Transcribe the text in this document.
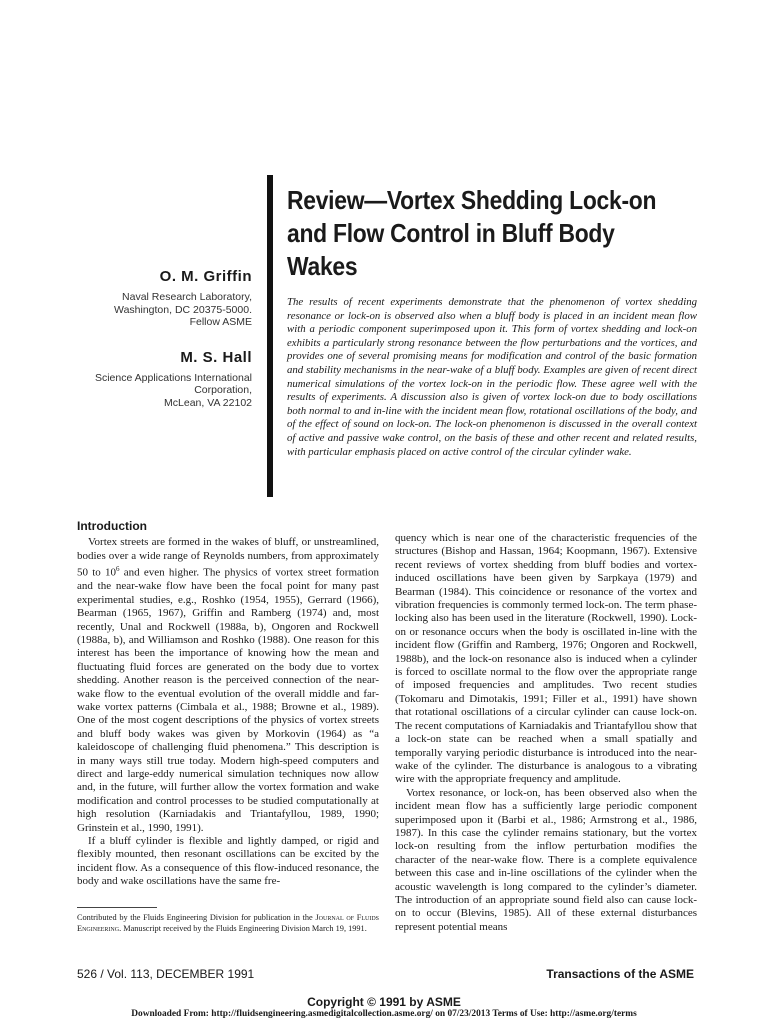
O. M. Griffin
Naval Research Laboratory,
Washington, DC 20375-5000.
Fellow ASME
M. S. Hall
Science Applications International
Corporation,
McLean, VA 22102
Review—Vortex Shedding Lock-on and Flow Control in Bluff Body Wakes

The results of recent experiments demonstrate that the phenomenon of vortex shedding resonance or lock-on is observed also when a bluff body is placed in an incident mean flow with a periodic component superimposed upon it. This form of vortex shedding and lock-on exhibits a particularly strong resonance between the flow perturbations and the vortices, and provides one of several promising means for modification and control of the basic formation and stability mechanisms in the near-wake of a bluff body. Examples are given of recent direct numerical simulations of the vortex lock-on in the periodic flow. These agree well with the results of experiments. A discussion also is given of vortex lock-on due to body oscillations both normal to and in-line with the incident mean flow, rotational oscillations of the body, and of the effect of sound on lock-on. The lock-on phenomenon is discussed in the overall context of active and passive wake control, on the basis of these and other recent and related results, with particular emphasis placed on active control of the circular cylinder wake.

Introduction

Vortex streets are formed in the wakes of bluff, or unstreamlined, bodies over a wide range of Reynolds numbers, from approximately 50 to $10^6$ and even higher. The physics of vortex street formation and the near-wake flow have been the focal point for many past experimental studies, e.g., Roshko (1954, 1955), Gerrard (1966), Bearman (1965, 1967), Griffin and Ramberg (1974) and, most recently, Unal and Rockwell (1988a, b), Ongoren and Rockwell (1988a, b), and Williamson and Roshko (1988). One reason for this interest has been the importance of knowing how the mean and fluctuating fluid forces are generated on the body due to vortex shedding. Another reason is the perceived connection of the near-wake flow to the eventual evolution of the overall middle and far-wake vortex patterns (Cimbala et al., 1988; Browne et al., 1989). One of the most cogent descriptions of the physics of vortex streets and bluff body wakes was given by Morkovin (1964) as “a kaleidoscope of challenging fluid phenomena.” This description is in many ways still true today. Modern high-speed computers and direct and large-eddy numerical simulation techniques now allow and, in the future, will further allow the vortex formation and wake modification and control processes to be studied computationally at high resolution (Karniadakis and Triantafyllou, 1989, 1990; Grinstein et al., 1990, 1991).

If a bluff cylinder is flexible and lightly damped, or rigid and flexibly mounted, then resonant oscillations can be excited by the incident flow. As a consequence of this flow-induced resonance, the body and wake oscillations have the same fre-

quency which is near one of the characteristic frequencies of the structures (Bishop and Hassan, 1964; Koopmann, 1967). Extensive recent reviews of vortex shedding from bluff bodies and vortex-induced oscillations have been given by Sarpkaya (1979) and Bearman (1984). This coincidence or resonance of the vortex and vibration frequencies is commonly termed lock-on. The term phase-locking also has been used in the literature (Rockwell, 1990). Lock-on or resonance occurs when the body is oscillated in-line with the incident flow (Griffin and Ramberg, 1976; Ongoren and Rockwell, 1988b), and the lock-on resonance also is induced when a cylinder is forced to oscillate normal to the flow over the appropriate range of imposed frequencies and amplitudes. Two recent studies (Tokomaru and Dimotakis, 1991; Filler et al., 1991) have shown that rotational oscillations of a circular cylinder can cause lock-on. The recent computations of Karniadakis and Triantafyllou show that a lock-on state can be reached when a small spatially and temporally varying periodic disturbance is introduced into the near-wake of the cylinder. The disturbance is analogous to a vibrating wire with the appropriate frequency and amplitude.

Vortex resonance, or lock-on, has been observed also when the incident mean flow has a sufficiently large periodic component superimposed upon it (Barbi et al., 1986; Armstrong et al., 1986, 1987). In this case the cylinder remains stationary, but the vortex lock-on resulting from the inflow perturbation modifies the character of the near-wake flow. There is a complete equivalence between this case and in-line oscillations of the cylinder when the acoustic wavelength is long compared to the cylinder’s diameter. The introduction of an appropriate sound field also can cause lock-on to occur (Blevins, 1985). All of these external disturbances represent potential means

Contributed by the Fluids Engineering Division for publication in the Journal of Fluids Engineering. Manuscript received by the Fluids Engineering Division March 19, 1991.
526 / Vol. 113, DECEMBER 1991	Transactions of the ASME
Copyright © 1991 by ASME
Downloaded From: http://fluidsengineering.asmedigitalcollection.asme.org/ on 07/23/2013 Terms of Use: http://asme.org/terms
